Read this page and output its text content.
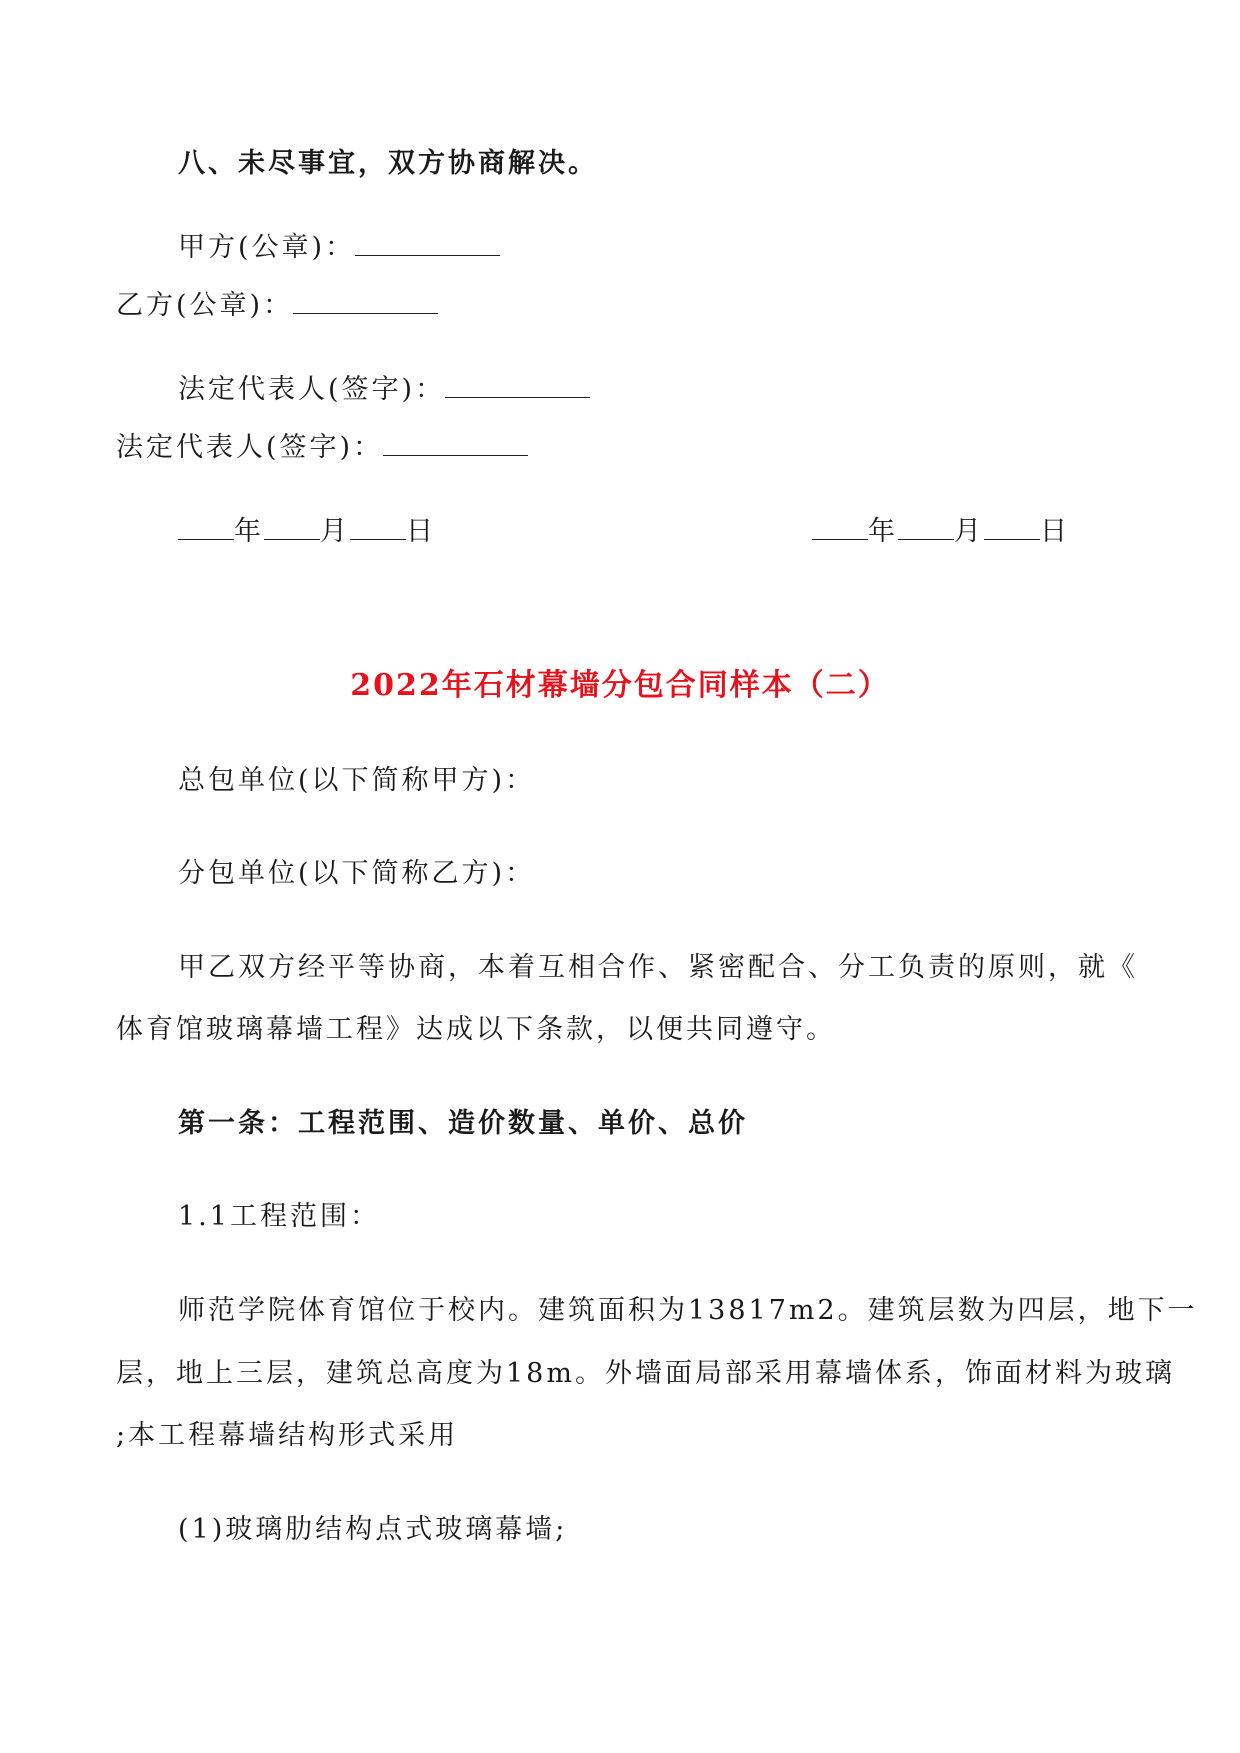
八、未尽事宜，双方协商解决。
甲方(公章)：
乙方(公章)：
法定代表人(签字)：
法定代表人(签字)：
年 月 日	年 月 日
2022年石材幕墙分包合同样本（二）
总包单位(以下简称甲方)：
分包单位(以下简称乙方)：
甲乙双方经平等协商，本着互相合作、紧密配合、分工负责的原则，就《
体育馆玻璃幕墙工程》达成以下条款，以便共同遵守。
第一条：工程范围、造价数量、单价、总价
1.1工程范围：
师范学院体育馆位于校内。建筑面积为13817m2。建筑层数为四层，地下一
层，地上三层，建筑总高度为18m。外墙面局部采用幕墙体系，饰面材料为玻璃
;本工程幕墙结构形式采用
(1)玻璃肋结构点式玻璃幕墙;
